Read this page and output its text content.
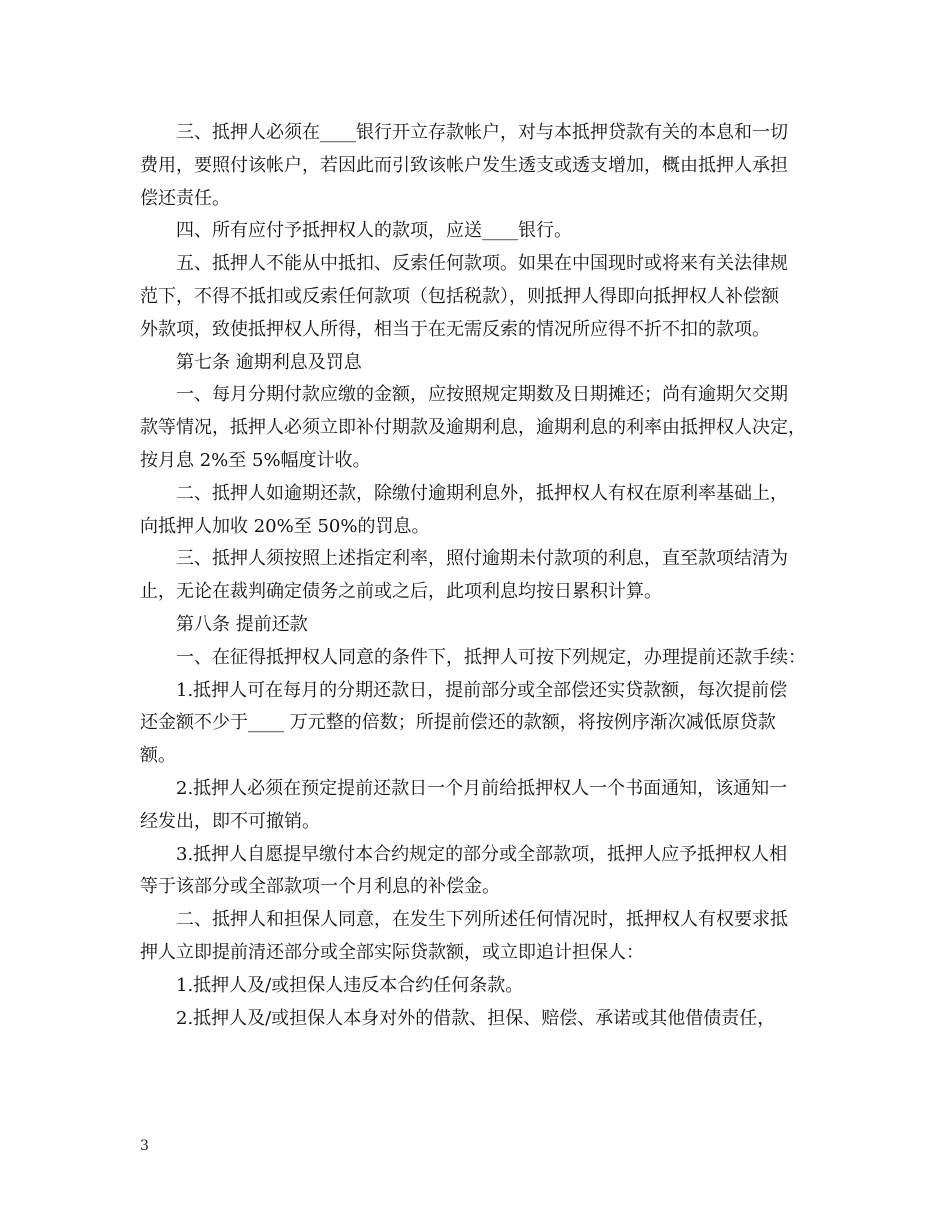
三、抵押人必须在____银行开立存款帐户，对与本抵押贷款有关的本息和一切
费用，要照付该帐户，若因此而引致该帐户发生透支或透支增加，概由抵押人承担
偿还责任。
四、所有应付予抵押权人的款项，应送____银行。
五、抵押人不能从中抵扣、反索任何款项。如果在中国现时或将来有关法律规
范下，不得不抵扣或反索任何款项（包括税款），则抵押人得即向抵押权人补偿额
外款项，致使抵押权人所得，相当于在无需反索的情况所应得不折不扣的款项。
第七条 逾期利息及罚息
一、每月分期付款应缴的金额，应按照规定期数及日期摊还；尚有逾期欠交期
款等情况，抵押人必须立即补付期款及逾期利息，逾期利息的利率由抵押权人决定，
按月息 2%至 5%幅度计收。
二、抵押人如逾期还款，除缴付逾期利息外，抵押权人有权在原利率基础上，
向抵押人加收 20%至 50%的罚息。
三、抵押人须按照上述指定利率，照付逾期未付款项的利息，直至款项结清为
止，无论在裁判确定债务之前或之后，此项利息均按日累积计算。
第八条 提前还款
一、在征得抵押权人同意的条件下，抵押人可按下列规定，办理提前还款手续：
1.抵押人可在每月的分期还款日，提前部分或全部偿还实贷款额，每次提前偿
还金额不少于____ 万元整的倍数；所提前偿还的款额，将按例序渐次减低原贷款
额。
2.抵押人必须在预定提前还款日一个月前给抵押权人一个书面通知，该通知一
经发出，即不可撤销。
3.抵押人自愿提早缴付本合约规定的部分或全部款项，抵押人应予抵押权人相
等于该部分或全部款项一个月利息的补偿金。
二、抵押人和担保人同意，在发生下列所述任何情况时，抵押权人有权要求抵
押人立即提前清还部分或全部实际贷款额，或立即追计担保人：
1.抵押人及/或担保人违反本合约任何条款。
2.抵押人及/或担保人本身对外的借款、担保、赔偿、承诺或其他借债责任，
3
